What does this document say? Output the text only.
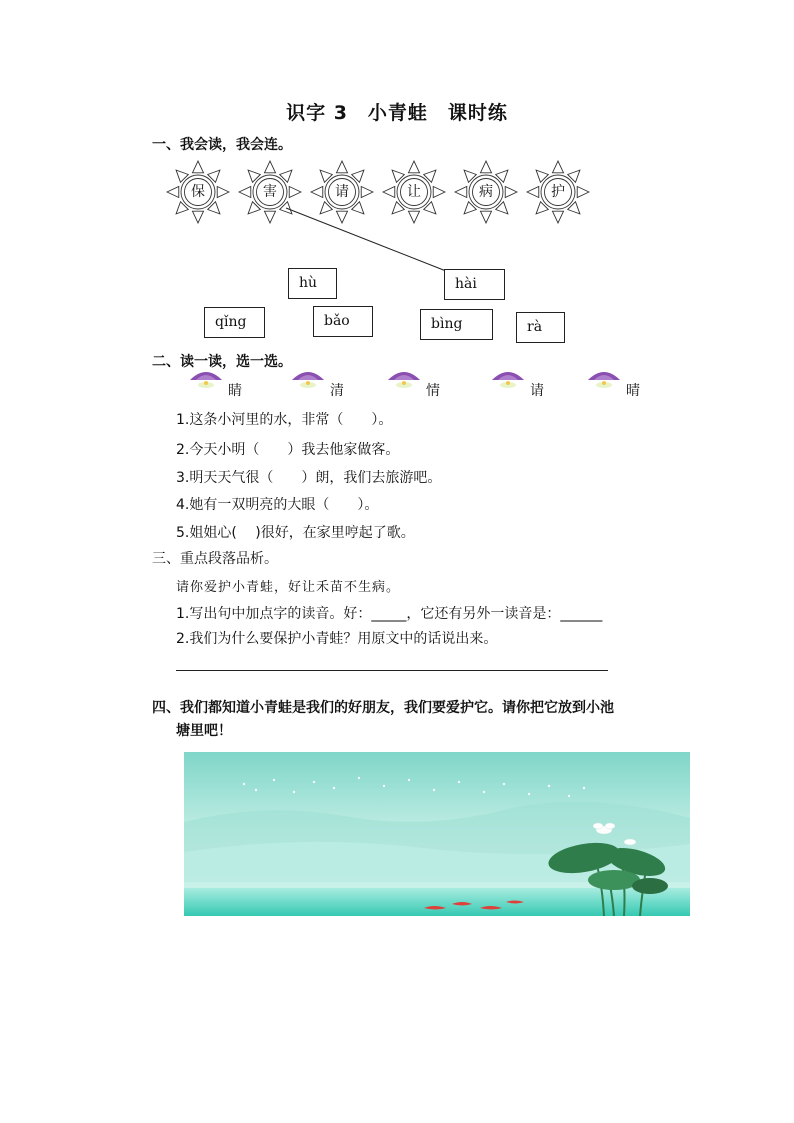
识字 3　小青蛙　课时练
一、我会读，我会连。
保	害	请	让	病	护
hù	hài
qǐng	bǎo	bìng	rà
二、读一读，选一选。
睛	清	情	请	晴
1.这条小河里的水，非常（　　）。
2.今天小明（　　）我去他家做客。
3.明天天气很（　　）朗，我们去旅游吧。
4.她有一双明亮的大眼（　　）。
5.姐姐心(　 )很好，在家里哼起了歌。
三、重点段落品析。
请你爱护小青蛙，好让禾苗不生病。
1.写出句中加点字的读音。好：_____，它还有另外一读音是：______
2.我们为什么要保护小青蛙？用原文中的话说出来。
四、我们都知道小青蛙是我们的好朋友，我们要爱护它。请你把它放到小池
塘里吧！
